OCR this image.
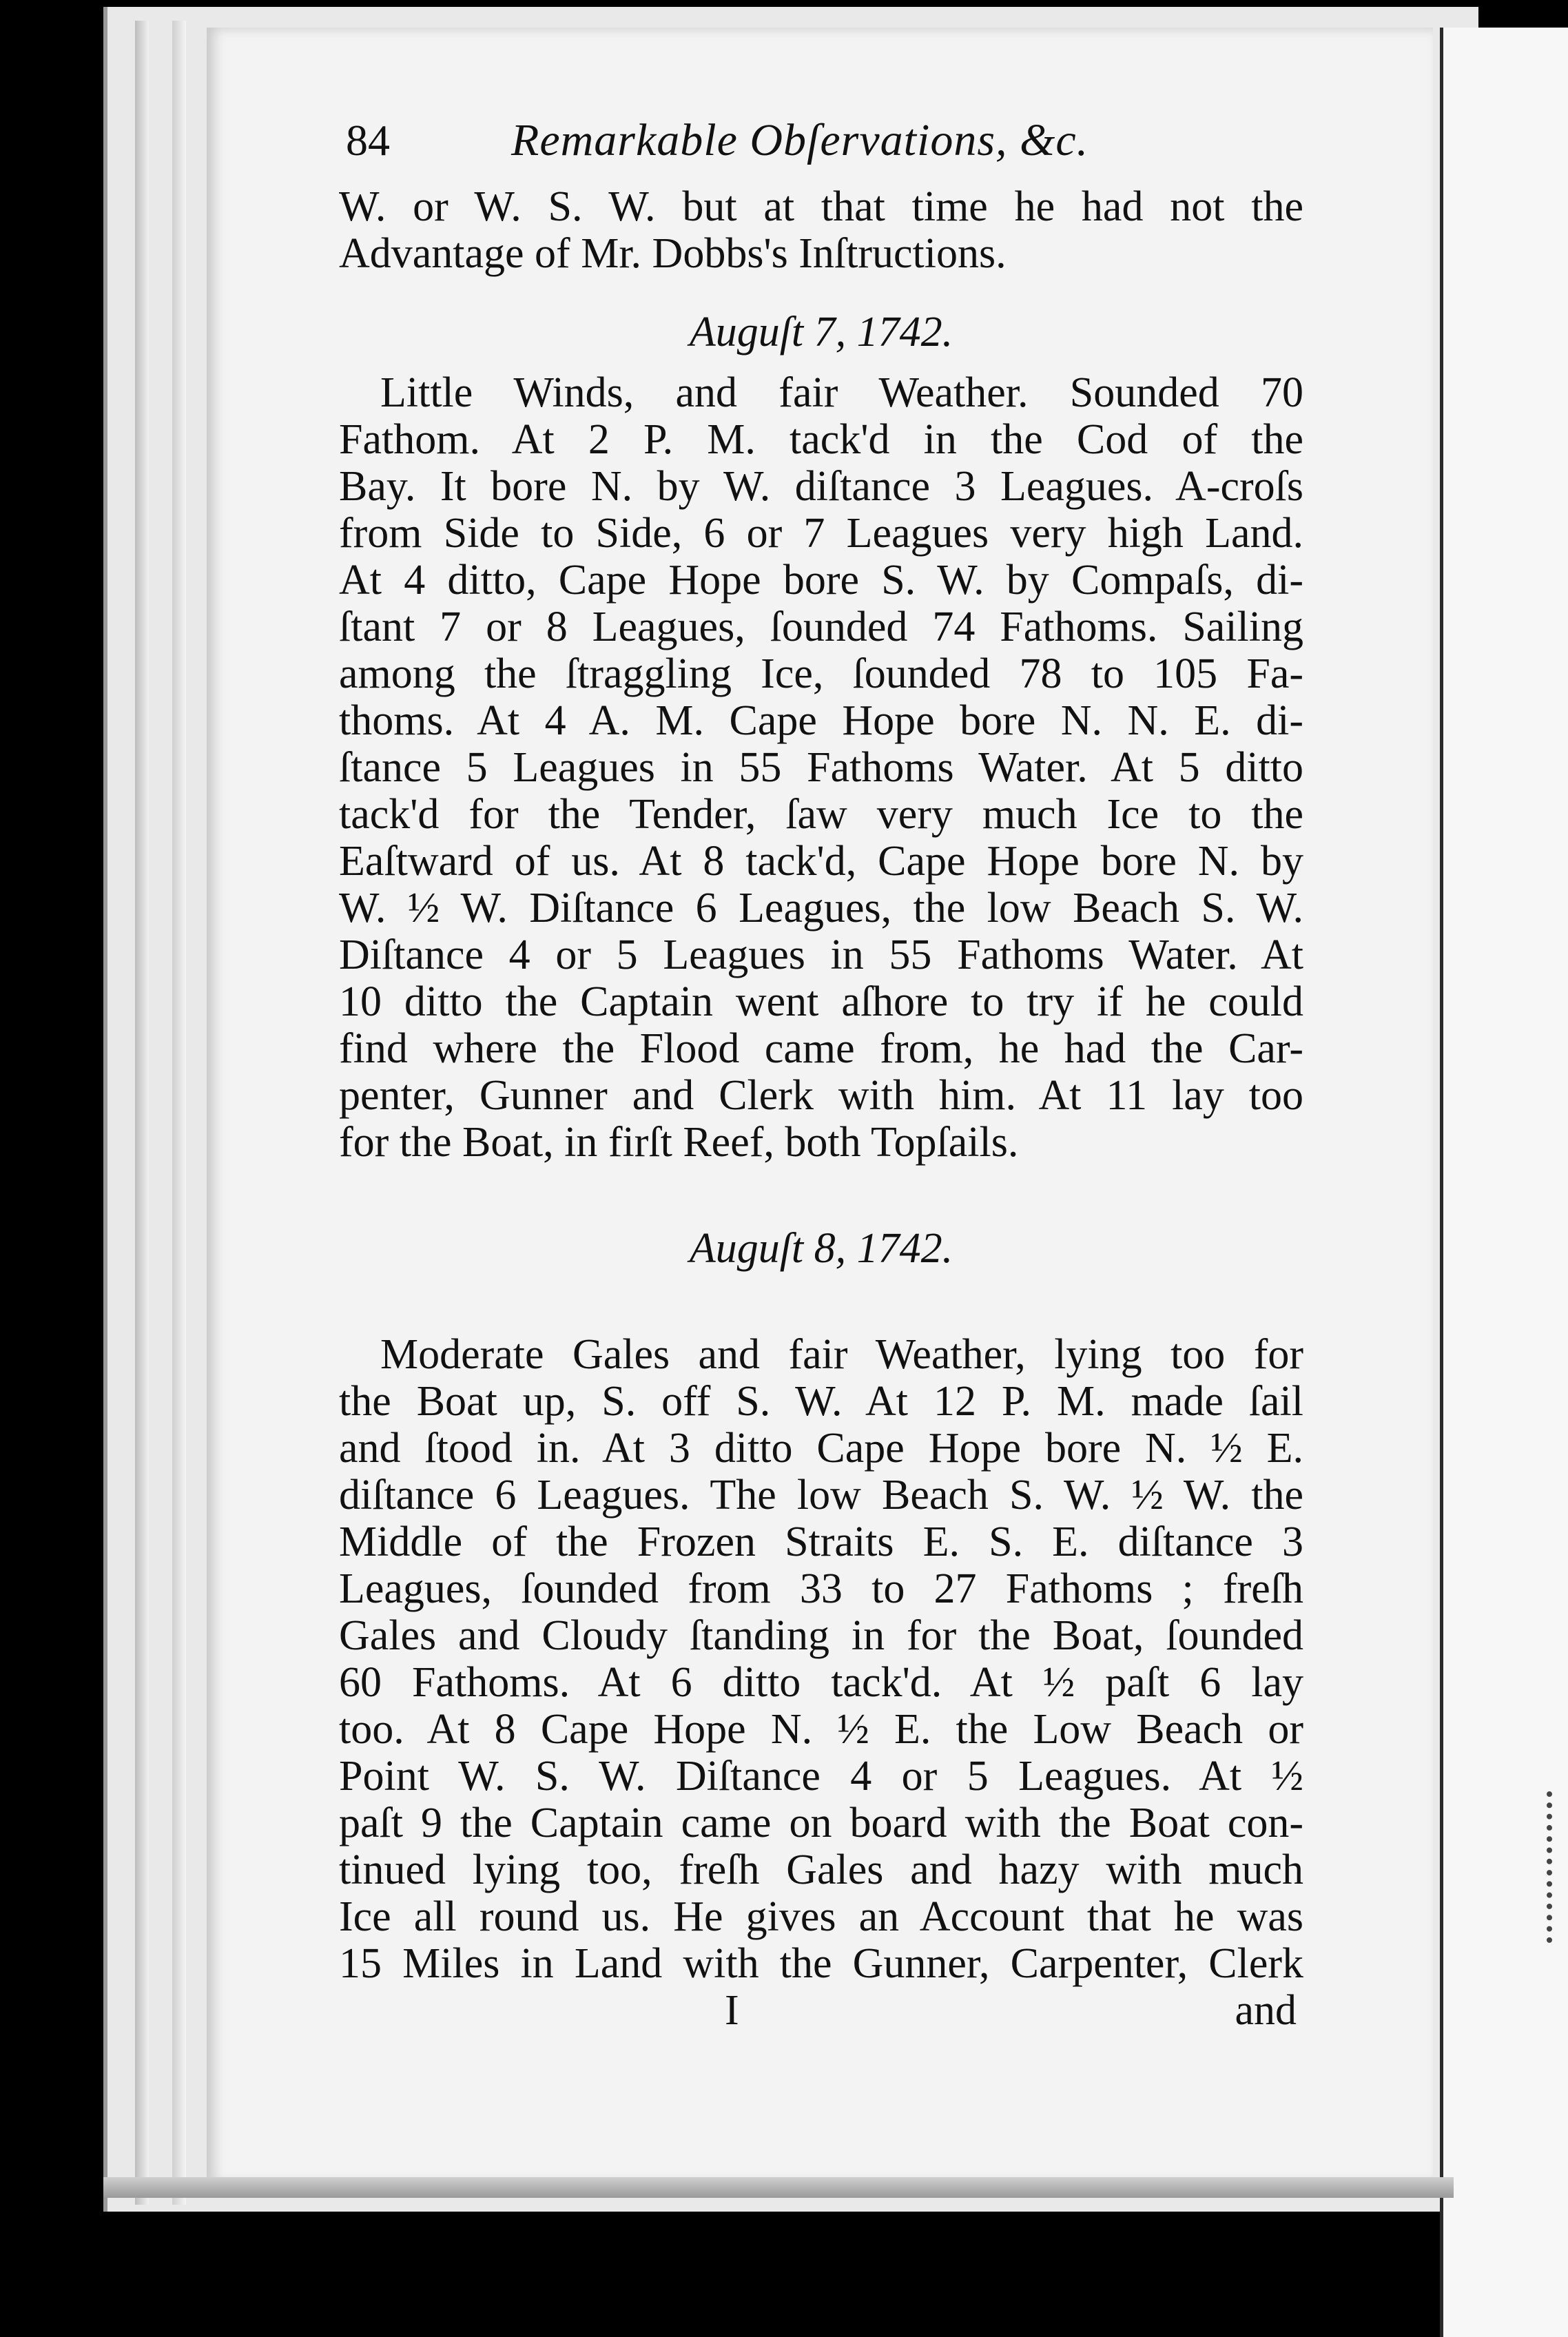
84	Remarkable Obſervations, &c.
W. or W. S. W. but at that time he had not the
Advantage of Mr. Dobbs's Inſtructions.
Auguſt 7, 1742.
Little Winds, and fair Weather. Sounded 70
Fathom. At 2 P. M. tack'd in the Cod of the
Bay. It bore N. by W. diſtance 3 Leagues. A-croſs
from Side to Side, 6 or 7 Leagues very high Land.
At 4 ditto, Cape Hope bore S. W. by Compaſs, di-
ſtant 7 or 8 Leagues, ſounded 74 Fathoms. Sailing
among the ſtraggling Ice, ſounded 78 to 105 Fa-
thoms. At 4 A. M. Cape Hope bore N. N. E. di-
ſtance 5 Leagues in 55 Fathoms Water. At 5 ditto
tack'd for the Tender, ſaw very much Ice to the
Eaſtward of us. At 8 tack'd, Cape Hope bore N. by
W. ½ W. Diſtance 6 Leagues, the low Beach S. W.
Diſtance 4 or 5 Leagues in 55 Fathoms Water. At
10 ditto the Captain went aſhore to try if he could
find where the Flood came from, he had the Car-
penter, Gunner and Clerk with him. At 11 lay too
for the Boat, in firſt Reef, both Topſails.
Auguſt 8, 1742.
Moderate Gales and fair Weather, lying too for
the Boat up, S. off S. W. At 12 P. M. made ſail
and ſtood in. At 3 ditto Cape Hope bore N. ½ E.
diſtance 6 Leagues. The low Beach S. W. ½ W. the
Middle of the Frozen Straits E. S. E. diſtance 3
Leagues, ſounded from 33 to 27 Fathoms ; freſh
Gales and Cloudy ſtanding in for the Boat, ſounded
60 Fathoms. At 6 ditto tack'd. At ½ paſt 6 lay
too. At 8 Cape Hope N. ½ E. the Low Beach or
Point W. S. W. Diſtance 4 or 5 Leagues. At ½
paſt 9 the Captain came on board with the Boat con-
tinued lying too, freſh Gales and hazy with much
Ice all round us. He gives an Account that he was
15 Miles in Land with the Gunner, Carpenter, Clerk
I	and
